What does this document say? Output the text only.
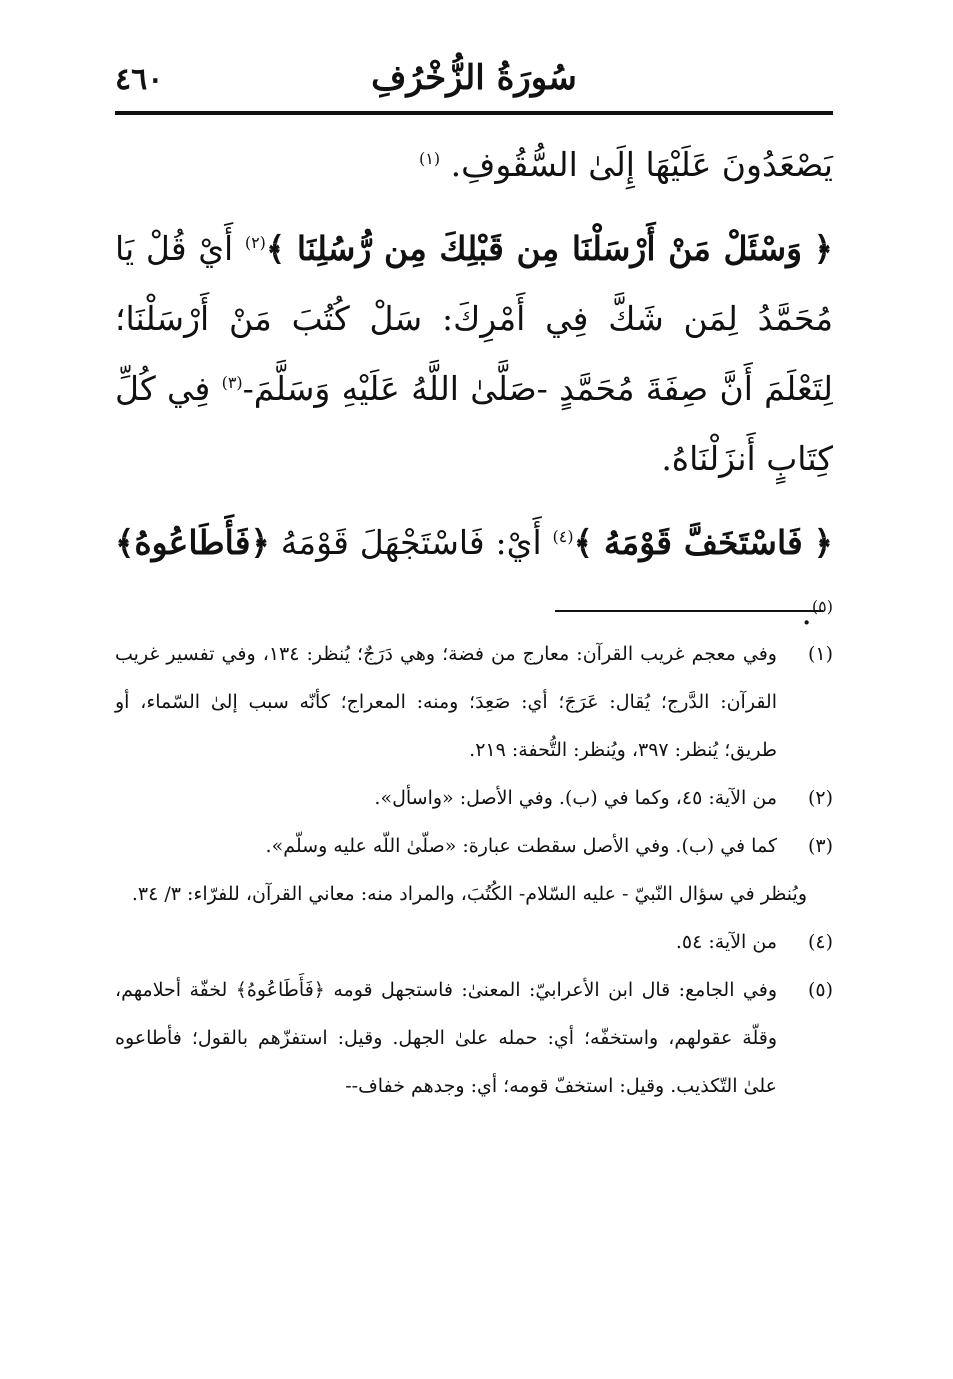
٤٦٠	سُورَةُ الزُّخْرُفِ

يَصْعَدُونَ عَلَيْهَا إِلَىٰ السُّقُوفِ. $^{(١)}$

﴿ وَسْئَلْ مَنْ أَرْسَلْنَا مِن قَبْلِكَ مِن رُّسُلِنَا ﴾$^{(٢)}$ أَيْ قُلْ يَا مُحَمَّدُ لِمَن شَكَّ فِي أَمْرِكَ: سَلْ كُتُبَ مَنْ أَرْسَلْنَا؛ لِتَعْلَمَ أَنَّ صِفَةَ مُحَمَّدٍ -صَلَّىٰ اللَّهُ عَلَيْهِ وَسَلَّمَ-$^{(٣)}$ فِي كُلِّ كِتَابٍ أَنزَلْنَاهُ.

﴿ فَاسْتَخَفَّ قَوْمَهُ ﴾$^{(٤)}$ أَيْ: فَاسْتَجْهَلَ قَوْمَهُ ﴿فَأَطَاعُوهُ﴾$^{(٥)}$.

(١)
وفي معجم غريب القرآن: معارج من فضة؛ وهي دَرَجٌ؛ يُنظر: ١٣٤، وفي تفسير غريب القرآن: الدَّرج؛ يُقال: عَرَجَ؛ أي: صَعِدَ؛ ومنه: المعراج؛ كأنّه سبب إلىٰ السّماء، أو طريق؛ يُنظر: ٣٩٧، ويُنظر: التُّحفة: ٢١٩.

(٢)
من الآية: ٤٥، وكما في (ب). وفي الأصل: «واسأل».

(٣)
كما في (ب). وفي الأصل سقطت عبارة: «صلّىٰ اللّه عليه وسلّم».

ويُنظر في سؤال النّبيّ - عليه السّلام- الكُتُبَ، والمراد منه: معاني القرآن، للفرّاء: ٣/ ٣٤.

(٤)
من الآية: ٥٤.

(٥)
وفي الجامع: قال ابن الأعرابيّ: المعنىٰ: فاستجهل قومه ﴿فَأَطَاعُوهُ﴾ لخفّة أحلامهم، وقلّة عقولهم، واستخفّه؛ أي: حمله علىٰ الجهل. وقيل: استفزّهم بالقول؛ فأطاعوه علىٰ التّكذيب. وقيل: استخفّ قومه؛ أي: وجدهم خفاف--
